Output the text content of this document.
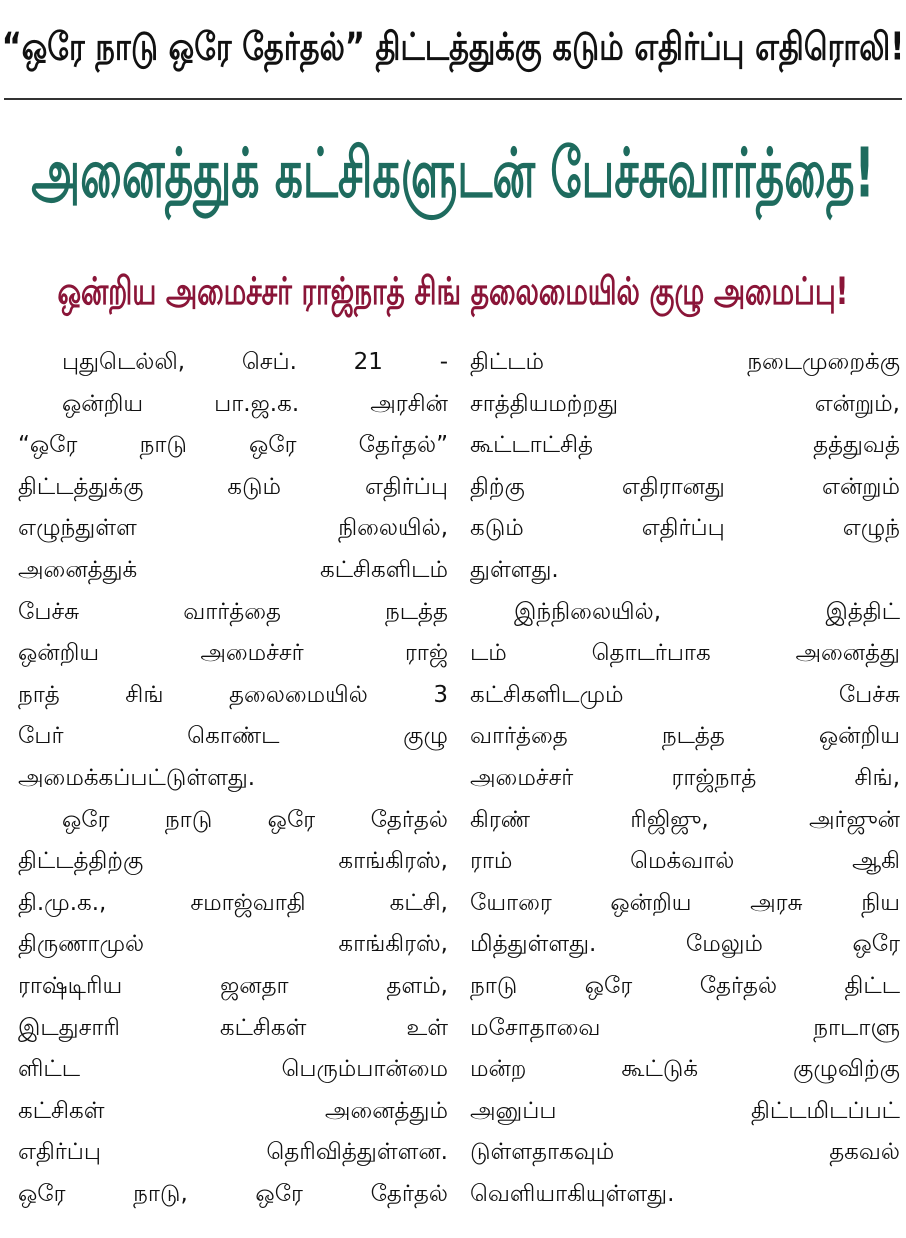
“ஒரே நாடு ஒரே தேர்தல்” திட்டத்துக்கு கடும் எதிர்ப்பு எதிரொலி!
அனைத்துக் கட்சிகளுடன் பேச்சுவார்த்தை!
ஒன்றிய அமைச்சர் ராஜ்நாத் சிங் தலைமையில் குழு அமைப்பு!
புதுடெல்லி, செப். 21 -
ஒன்றிய பா.ஜ.க. அரசின்
“ஒரே நாடு ஒரே தேர்தல்”
திட்டத்துக்கு கடும் எதிர்ப்பு
எழுந்துள்ள நிலையில்,
அனைத்துக் கட்சிகளிடம்
பேச்சு வார்த்தை நடத்த
ஒன்றிய அமைச்சர் ராஜ்
நாத் சிங் தலைமையில் 3
பேர் கொண்ட குழு
அமைக்கப்பட்டுள்ளது.
ஒரே நாடு ஒரே தேர்தல்
திட்டத்திற்கு காங்கிரஸ்,
தி.மு.க., சமாஜ்வாதி கட்சி,
திருணாமுல் காங்கிரஸ்,
ராஷ்டிரிய ஜனதா தளம்,
இடதுசாரி கட்சிகள் உள்
ளிட்ட பெரும்பான்மை
கட்சிகள் அனைத்தும்
எதிர்ப்பு தெரிவித்துள்ளன.
ஒரே நாடு, ஒரே தேர்தல்
திட்டம் நடைமுறைக்கு
சாத்தியமற்றது என்றும்,
கூட்டாட்சித் தத்துவத்
திற்கு எதிரானது என்றும்
கடும் எதிர்ப்பு எழுந்
துள்ளது.
இந்நிலையில், இத்திட்
டம் தொடர்பாக அனைத்து
கட்சிகளிடமும் பேச்சு
வார்த்தை நடத்த ஒன்றிய
அமைச்சர் ராஜ்நாத் சிங்,
கிரண் ரிஜிஜு, அர்ஜுன்
ராம் மெக்வால் ஆகி
யோரை ஒன்றிய அரசு நிய
மித்துள்ளது. மேலும் ஒரே
நாடு ஒரே தேர்தல் திட்ட
மசோதாவை நாடாளு
மன்ற கூட்டுக் குழுவிற்கு
அனுப்ப திட்டமிடப்பட்
டுள்ளதாகவும் தகவல்
வெளியாகியுள்ளது.
